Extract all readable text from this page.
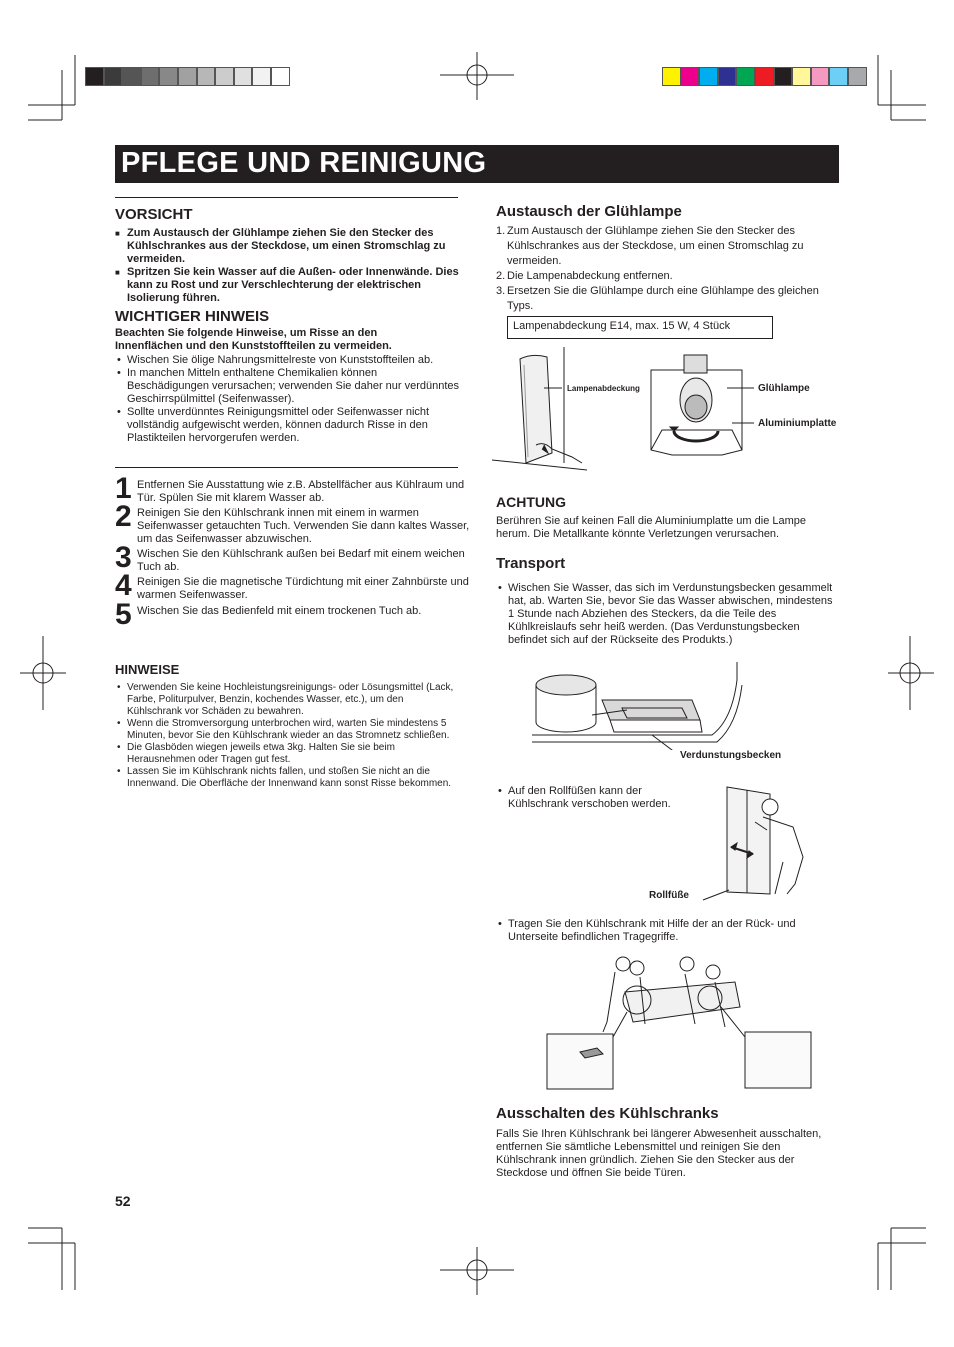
PFLEGE UND REINIGUNG
VORSICHT
■ Zum Austausch der Glühlampe ziehen Sie den Stecker des Kühlschrankes aus der Steckdose, um einen Stromschlag zu vermeiden.
■ Spritzen Sie kein Wasser auf die Außen- oder Innenwände. Dies kann zu Rost und zur Verschlechterung der elektrischen Isolierung führen.
WICHTIGER HINWEIS
Beachten Sie folgende Hinweise, um Risse an den Innenflächen und den Kunststoffteilen zu vermeiden.
• Wischen Sie ölige Nahrungsmittelreste von Kunststoffteilen ab.
• In manchen Mitteln enthaltene Chemikalien können Beschädigungen verursachen; verwenden Sie daher nur verdünntes Geschirrspülmittel (Seifenwasser).
• Sollte unverdünntes Reinigungsmittel oder Seifenwasser nicht vollständig aufgewischt werden, können dadurch Risse in den Plastikteilen hervorgerufen werden.
1 Entfernen Sie Ausstattung wie z.B. Abstellfächer aus Kühlraum und Tür. Spülen Sie mit klarem Wasser ab.
2 Reinigen Sie den Kühlschrank innen mit einem in warmen Seifenwasser getauchten Tuch. Verwenden Sie dann kaltes Wasser, um das Seifenwasser abzuwischen.
3 Wischen Sie den Kühlschrank außen bei Bedarf mit einem weichen Tuch ab.
4 Reinigen Sie die magnetische Türdichtung mit einer Zahnbürste und warmen Seifenwasser.
5 Wischen Sie das Bedienfeld mit einem trockenen Tuch ab.
HINWEISE
• Verwenden Sie keine Hochleistungsreinigungs- oder Lösungsmittel (Lack, Farbe, Politurpulver, Benzin, kochendes Wasser, etc.), um den Kühlschrank vor Schäden zu bewahren.
• Wenn die Stromversorgung unterbrochen wird, warten Sie mindestens 5 Minuten, bevor Sie den Kühlschrank wieder an das Stromnetz schließen.
• Die Glasböden wiegen jeweils etwa 3kg. Halten Sie sie beim Herausnehmen oder Tragen gut fest.
• Lassen Sie im Kühlschrank nichts fallen, und stoßen Sie nicht an die Innenwand. Die Oberfläche der Innenwand kann sonst Risse bekommen.
52
Austausch der Glühlampe
1. Zum Austausch der Glühlampe ziehen Sie den Stecker des Kühlschrankes aus der Steckdose, um einen Stromschlag zu vermeiden.
2. Die Lampenabdeckung entfernen.
3. Ersetzen Sie die Glühlampe durch eine Glühlampe des gleichen Typs.
Lampenabdeckung E14, max. 15 W, 4 Stück
Lampenabdeckung	Glühlampe
Aluminiumplatte
ACHTUNG
Berühren Sie auf keinen Fall die Aluminiumplatte um die Lampe herum. Die Metallkante könnte Verletzungen verursachen.
Transport
• Wischen Sie Wasser, das sich im Verdunstungsbecken gesammelt hat, ab. Warten Sie, bevor Sie das Wasser abwischen, mindestens 1 Stunde nach Abziehen des Steckers, da die Teile des Kühlkreislaufs sehr heiß werden. (Das Verdunstungsbecken befindet sich auf der Rückseite des Produkts.)
Verdunstungsbecken
• Auf den Rollfüßen kann der Kühlschrank verschoben werden.
Rollfüße
• Tragen Sie den Kühlschrank mit Hilfe der an der Rück- und Unterseite befindlichen Tragegriffe.
Ausschalten des Kühlschranks
Falls Sie Ihren Kühlschrank bei längerer Abwesenheit ausschalten, entfernen Sie sämtliche Lebensmittel und reinigen Sie den Kühlschrank innen gründlich. Ziehen Sie den Stecker aus der Steckdose und öffnen Sie beide Türen.
